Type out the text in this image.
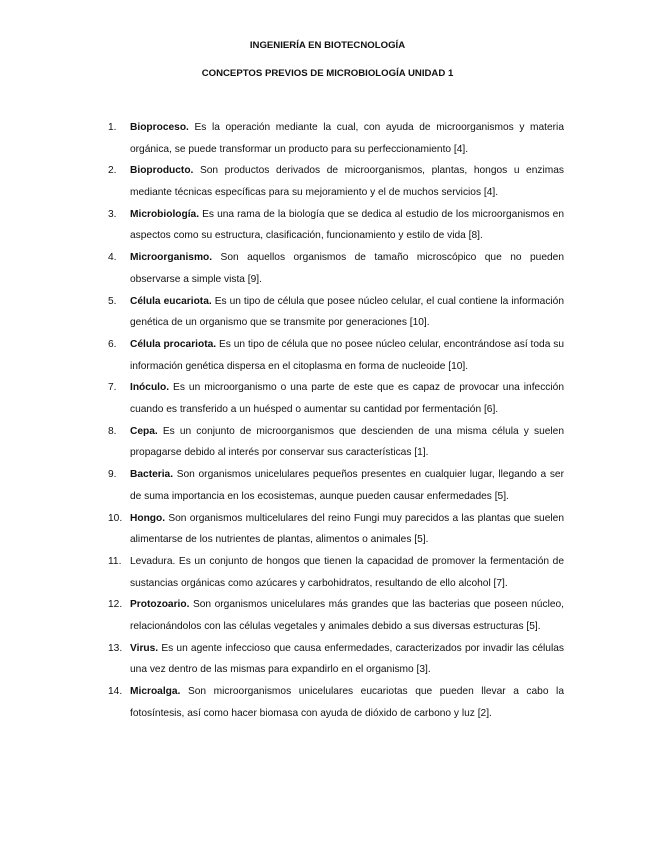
INGENIERÍA EN BIOTECNOLOGÍA
CONCEPTOS PREVIOS DE MICROBIOLOGÍA UNIDAD 1
1. Bioproceso. Es la operación mediante la cual, con ayuda de microorganismos y materia orgánica, se puede transformar un producto para su perfeccionamiento [4].
2. Bioproducto. Son productos derivados de microorganismos, plantas, hongos u enzimas mediante técnicas específicas para su mejoramiento y el de muchos servicios [4].
3. Microbiología. Es una rama de la biología que se dedica al estudio de los microorganismos en aspectos como su estructura, clasificación, funcionamiento y estilo de vida [8].
4. Microorganismo. Son aquellos organismos de tamaño microscópico que no pueden observarse a simple vista [9].
5. Célula eucariota. Es un tipo de célula que posee núcleo celular, el cual contiene la información genética de un organismo que se transmite por generaciones [10].
6. Célula procariota. Es un tipo de célula que no posee núcleo celular, encontrándose así toda su información genética dispersa en el citoplasma en forma de nucleoide [10].
7. Inóculo. Es un microorganismo o una parte de este que es capaz de provocar una infección cuando es transferido a un huésped o aumentar su cantidad por fermentación [6].
8. Cepa. Es un conjunto de microorganismos que descienden de una misma célula y suelen propagarse debido al interés por conservar sus características [1].
9. Bacteria. Son organismos unicelulares pequeños presentes en cualquier lugar, llegando a ser de suma importancia en los ecosistemas, aunque pueden causar enfermedades [5].
10. Hongo. Son organismos multicelulares del reino Fungi muy parecidos a las plantas que suelen alimentarse de los nutrientes de plantas, alimentos o animales [5].
11. Levadura. Es un conjunto de hongos que tienen la capacidad de promover la fermentación de sustancias orgánicas como azúcares y carbohidratos, resultando de ello alcohol [7].
12. Protozoario. Son organismos unicelulares más grandes que las bacterias que poseen núcleo, relacionándolos con las células vegetales y animales debido a sus diversas estructuras [5].
13. Virus. Es un agente infeccioso que causa enfermedades, caracterizados por invadir las células una vez dentro de las mismas para expandirlo en el organismo [3].
14. Microalga. Son microorganismos unicelulares eucariotas que pueden llevar a cabo la fotosíntesis, así como hacer biomasa con ayuda de dióxido de carbono y luz [2].
